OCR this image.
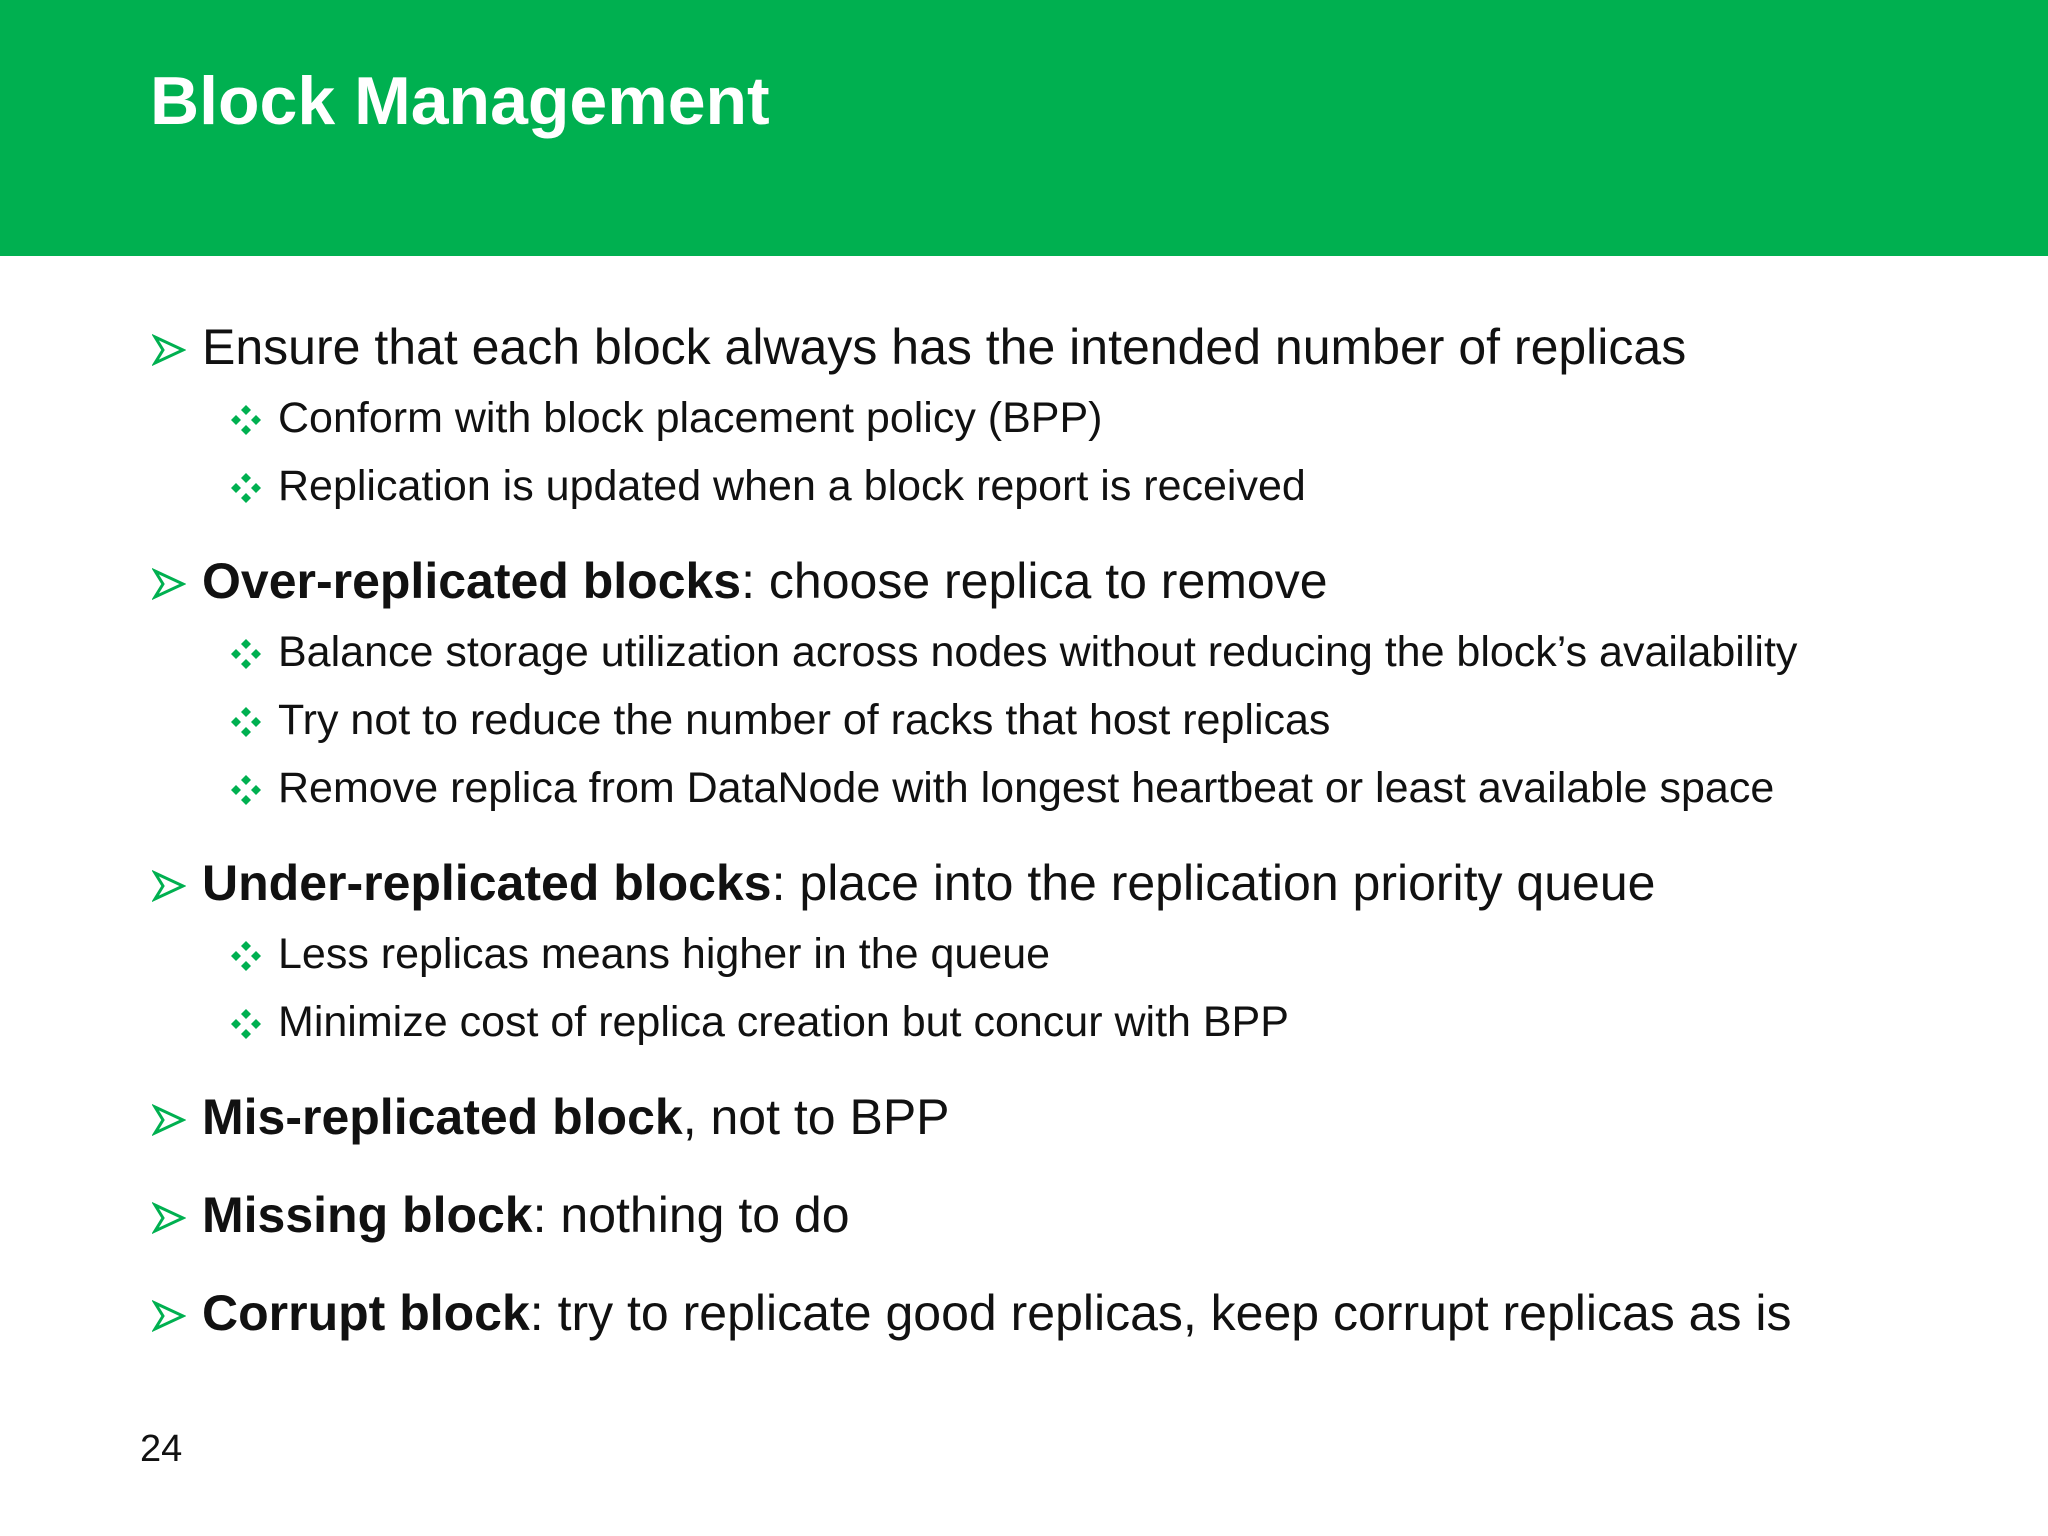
Block Management
Ensure that each block always has the intended number of replicas
Conform with block placement policy (BPP)
Replication is updated when a block report is received
Over-replicated blocks: choose replica to remove
Balance storage utilization across nodes without reducing the block’s availability
Try not to reduce the number of racks that host replicas
Remove replica from DataNode with longest heartbeat or least available space
Under-replicated blocks: place into the replication priority queue
Less replicas means higher in the queue
Minimize cost of replica creation but concur with BPP
Mis-replicated block, not to BPP
Missing block: nothing to do
Corrupt block: try to replicate good replicas, keep corrupt replicas as is
24
